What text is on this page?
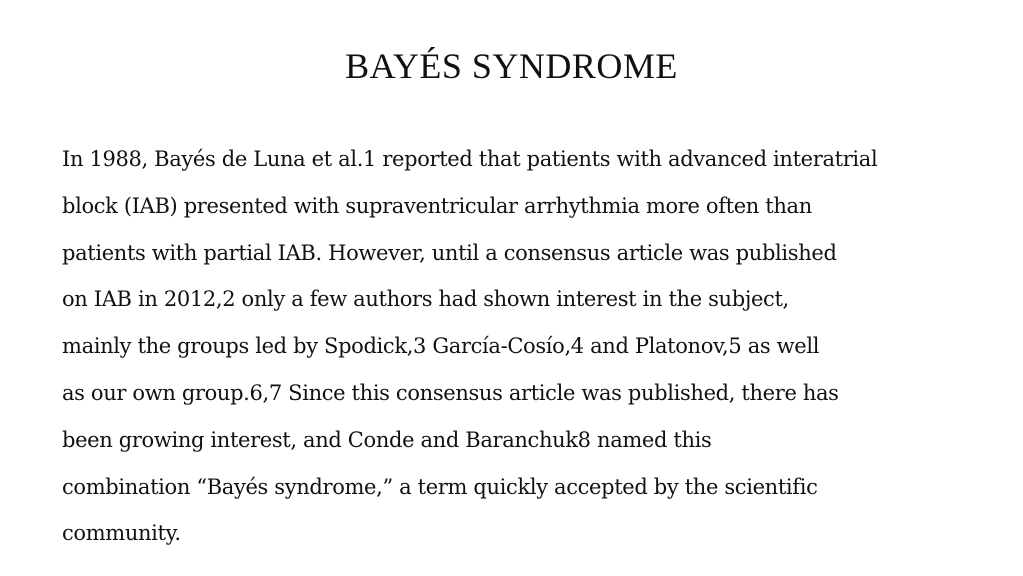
BAYÉS SYNDROME

In 1988, Bayés de Luna et al.1 reported that patients with advanced interatrial
block (IAB) presented with supraventricular arrhythmia more often than
patients with partial IAB. However, until a consensus article was published
on IAB in 2012,2 only a few authors had shown interest in the subject,
mainly the groups led by Spodick,3 García-Cosío,4 and Platonov,5 as well
as our own group.6,7 Since this consensus article was published, there has
been growing interest, and Conde and Baranchuk8 named this
combination “Bayés syndrome,” a term quickly accepted by the scientific
community.
